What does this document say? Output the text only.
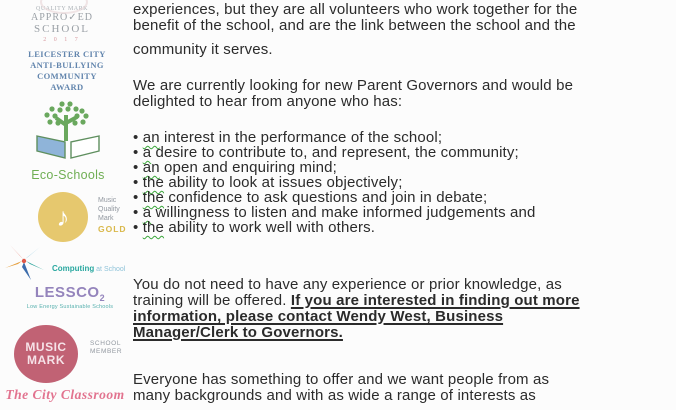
QUALITY MARK
APPRO✓ED
SCHOOL
2 0 1 7
LEICESTER CITY
ANTI-BULLYING
COMMUNITY
AWARD
Eco-Schools
♪
Music
Quality
Mark
GOLD
Computing at School
$LESSCO_2$
Low Energy Sustainable Schools
MUSIC
MARK
SCHOOL
MEMBER
The City Classroom
experiences, but they are all volunteers who work together for the
benefit of the school, and are the link between the school and the
community it serves.
We are currently looking for new Parent Governors and would be
delighted to hear from anyone who has:
• an interest in the performance of the school;
• a desire to contribute to, and represent, the community;
• an open and enquiring mind;
• the ability to look at issues objectively;
• the confidence to ask questions and join in debate;
• a willingness to listen and make informed judgements and
• the ability to work well with others.
You do not need to have any experience or prior knowledge, as
training will be offered. If you are interested in finding out more
information, please contact Wendy West, Business
Manager/Clerk to Governors.
Everyone has something to offer and we want people from as
many backgrounds and with as wide a range of interests as
